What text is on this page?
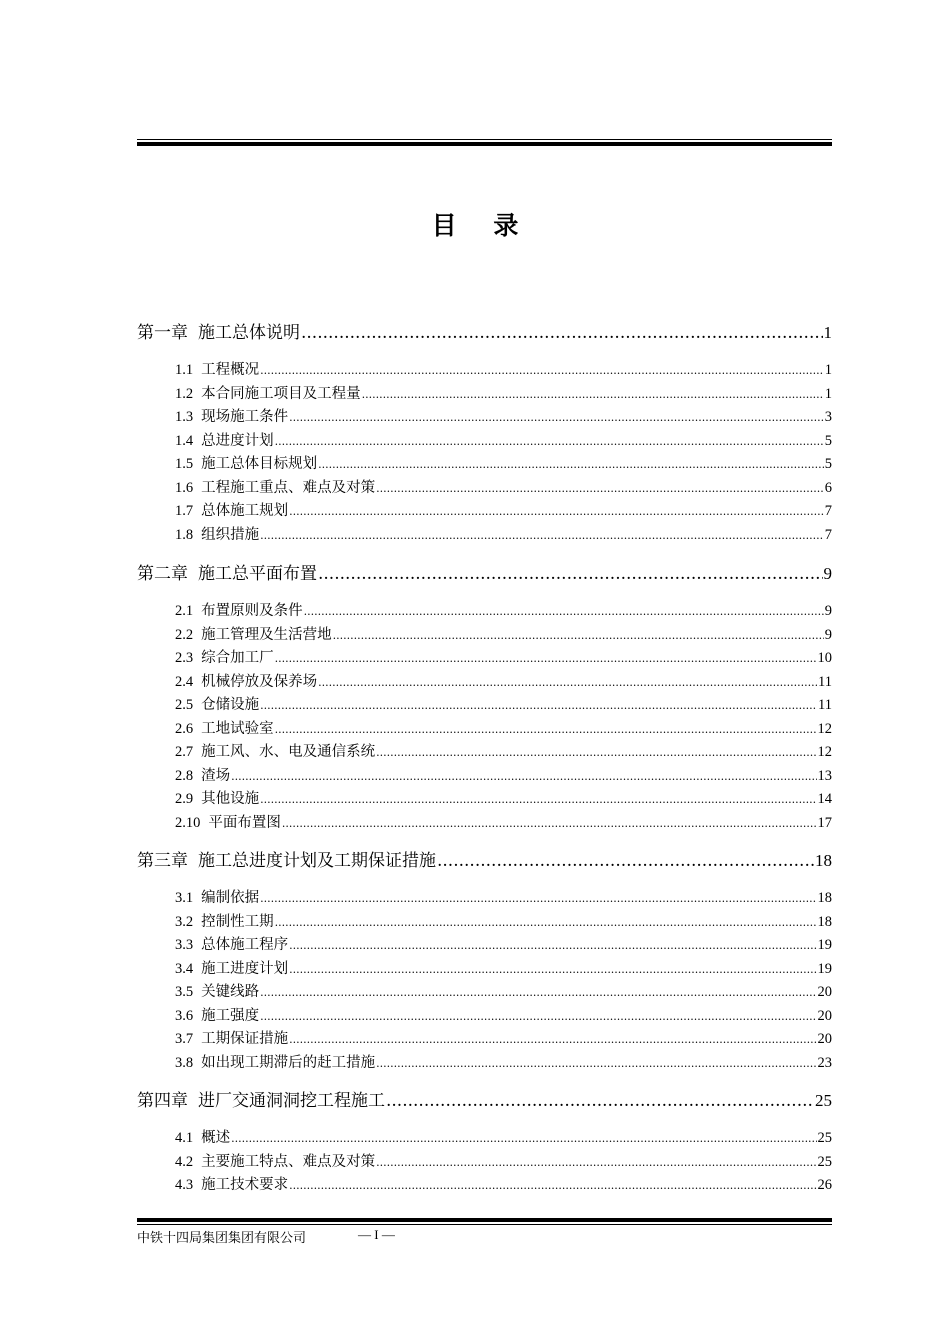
目 录
第一章 施工总体说明 .....	1
1.1 工程概况 .....	1
1.2 本合同施工项目及工程量 .....	1
1.3 现场施工条件 .....	3
1.4 总进度计划 .....	5
1.5 施工总体目标规划 .....	5
1.6 工程施工重点、难点及对策 .....	6
1.7 总体施工规划 .....	7
1.8 组织措施 .....	7
第二章 施工总平面布置 .....	9
2.1 布置原则及条件 .....	9
2.2 施工管理及生活营地 .....	9
2.3 综合加工厂 .....	10
2.4 机械停放及保养场 .....	11
2.5 仓储设施 .....	11
2.6 工地试验室 .....	12
2.7 施工风、水、电及通信系统 .....	12
2.8 渣场 .....	13
2.9 其他设施 .....	14
2.10 平面布置图 .....	17
第三章 施工总进度计划及工期保证措施 .....	18
3.1 编制依据 .....	18
3.2 控制性工期 .....	18
3.3 总体施工程序 .....	19
3.4 施工进度计划 .....	19
3.5 关键线路 .....	20
3.6 施工强度 .....	20
3.7 工期保证措施 .....	20
3.8 如出现工期滞后的赶工措施 .....	23
第四章 进厂交通洞洞挖工程施工 .....	25
4.1 概述 .....	25
4.2 主要施工特点、难点及对策 .....	25
4.3 施工技术要求 .....	26
中铁十四局集团集团有限公司	— I —
